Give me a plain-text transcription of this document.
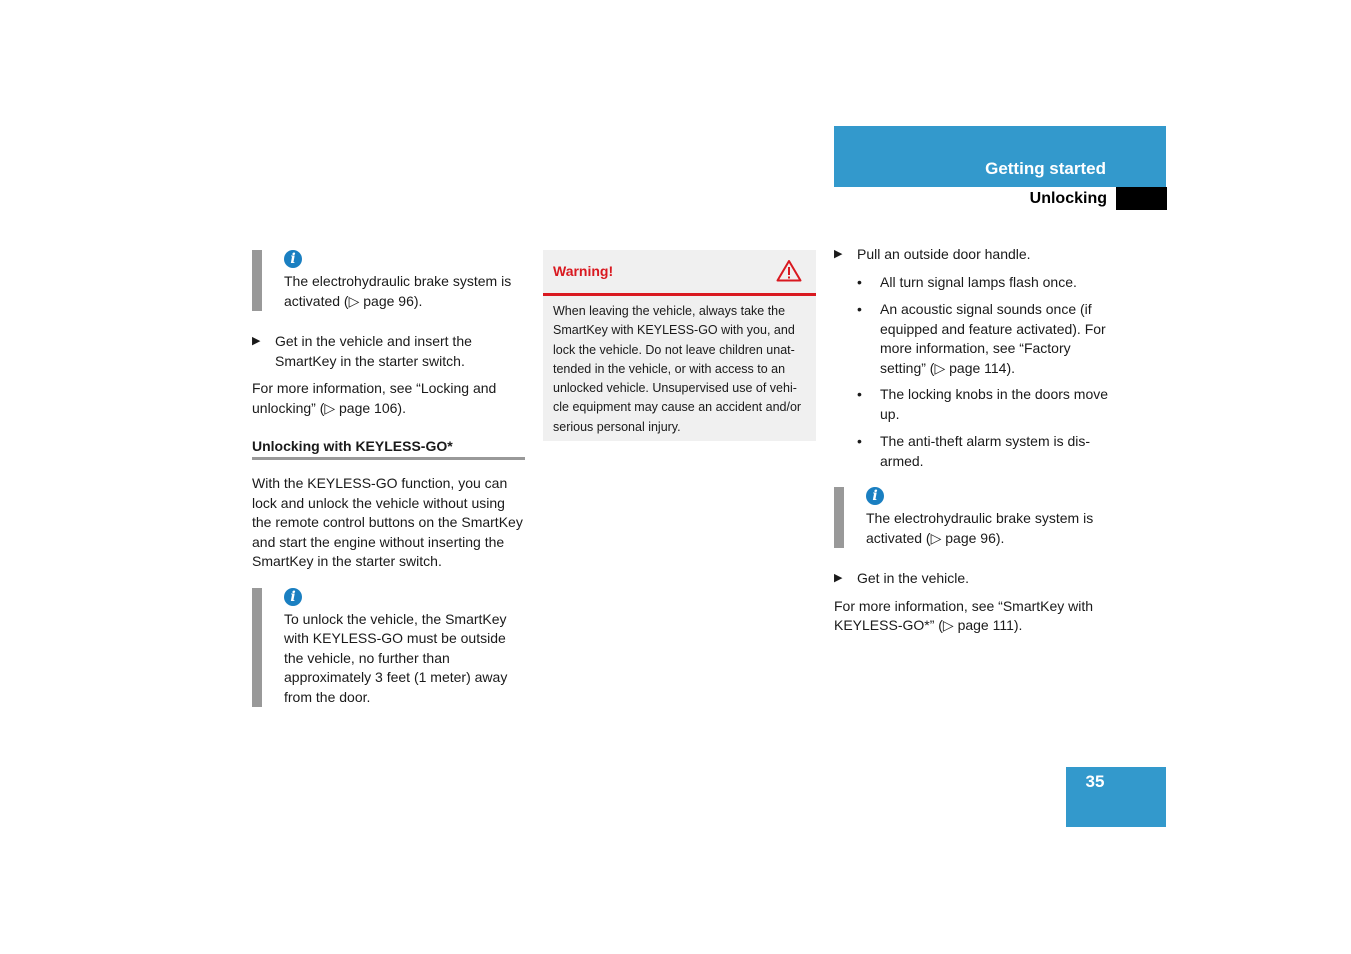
Getting started
Unlocking
i
The electrohydraulic brake system is activated (▷ page 96).
▶ Get in the vehicle and insert the SmartKey in the starter switch.
For more information, see “Locking and unlocking” (▷ page 106).
Unlocking with KEYLESS-GO*
With the KEYLESS-GO function, you can lock and unlock the vehicle without using the remote control buttons on the SmartKey and start the engine without inserting the SmartKey in the starter switch.
i
To unlock the vehicle, the SmartKey with KEYLESS-GO must be outside the vehicle, no further than approximately 3 feet (1 meter) away from the door.
Warning!
When leaving the vehicle, always take the SmartKey with KEYLESS-GO with you, and lock the vehicle. Do not leave children unattended in the vehicle, or with access to an unlocked vehicle. Unsupervised use of vehicle equipment may cause an accident and/or serious personal injury.
▶ Pull an outside door handle.
• All turn signal lamps flash once.
• An acoustic signal sounds once (if equipped and feature activated). For more information, see “Factory setting” (▷ page 114).
• The locking knobs in the doors move up.
• The anti-theft alarm system is disarmed.
i
The electrohydraulic brake system is activated (▷ page 96).
▶ Get in the vehicle.
For more information, see “SmartKey with KEYLESS-GO*” (▷ page 111).
35
